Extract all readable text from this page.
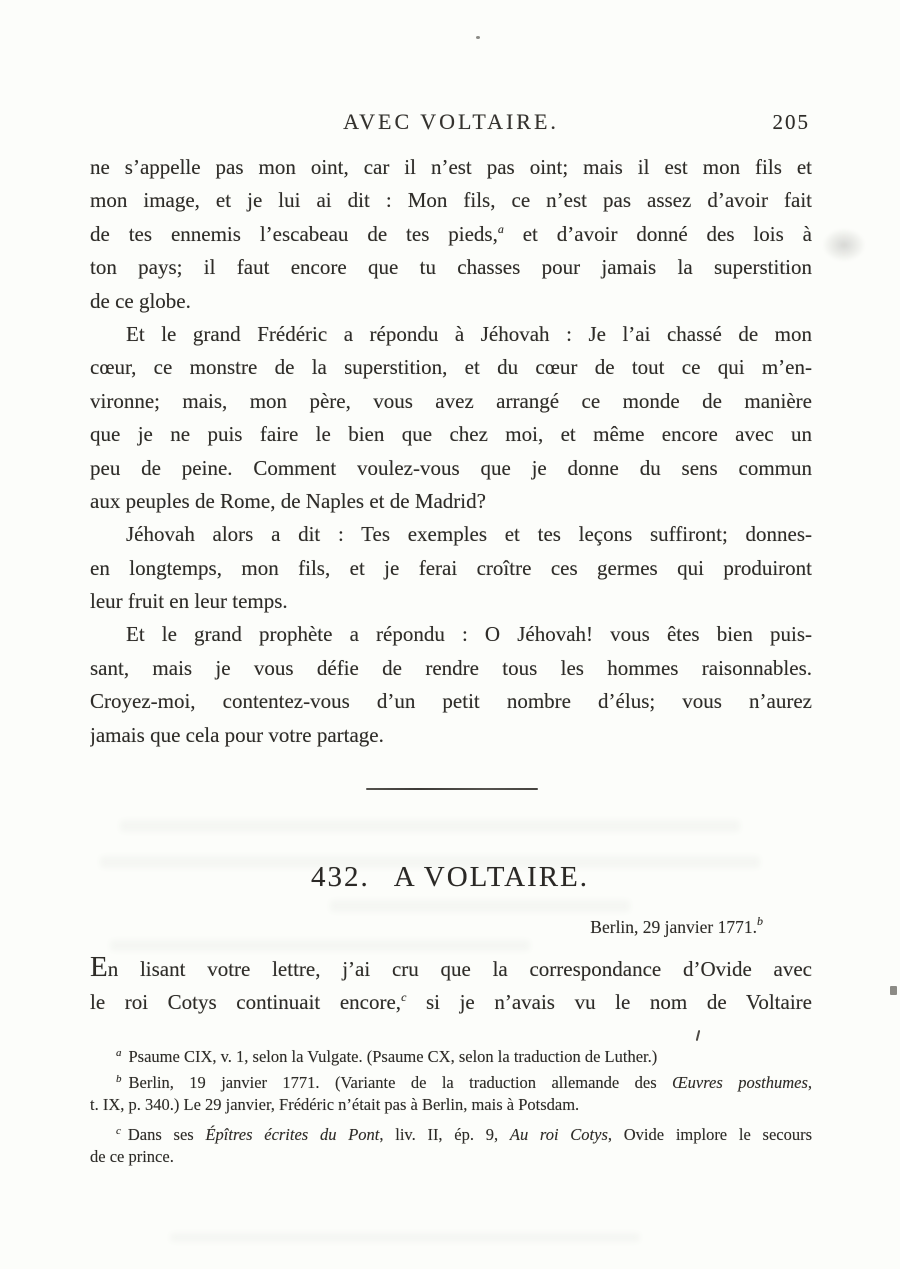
AVEC VOLTAIRE.	205
ne s’appelle pas mon oint, car il n’est pas oint; mais il est mon fils et
mon image, et je lui ai dit : Mon fils, ce n’est pas assez d’avoir fait
de tes ennemis l’escabeau de tes pieds,$^a$ et d’avoir donné des lois à
ton pays; il faut encore que tu chasses pour jamais la superstition
de ce globe.
Et le grand Frédéric a répondu à Jéhovah : Je l’ai chassé de mon
cœur, ce monstre de la superstition, et du cœur de tout ce qui m’en-
vironne; mais, mon père, vous avez arrangé ce monde de manière
que je ne puis faire le bien que chez moi, et même encore avec un
peu de peine. Comment voulez-vous que je donne du sens commun
aux peuples de Rome, de Naples et de Madrid?
Jéhovah alors a dit : Tes exemples et tes leçons suffiront; donnes-
en longtemps, mon fils, et je ferai croître ces germes qui produiront
leur fruit en leur temps.
Et le grand prophète a répondu : O Jéhovah! vous êtes bien puis-
sant, mais je vous défie de rendre tous les hommes raisonnables.
Croyez-moi, contentez-vous d’un petit nombre d’élus; vous n’aurez
jamais que cela pour votre partage.
432. A VOLTAIRE.
Berlin, 29 janvier 1771.$^b$
En lisant votre lettre, j’ai cru que la correspondance d’Ovide avec
le roi Cotys continuait encore,$^c$ si je n’avais vu le nom de Voltaire
$^a$ Psaume CIX, v. 1, selon la Vulgate. (Psaume CX, selon la traduction de Luther.)
$^b$ Berlin, 19 janvier 1771. (Variante de la traduction allemande des Œuvres posthumes,
t. IX, p. 340.) Le 29 janvier, Frédéric n’était pas à Berlin, mais à Potsdam.
$^c$ Dans ses Épîtres écrites du Pont, liv. II, ép. 9, Au roi Cotys, Ovide implore le secours
de ce prince.
